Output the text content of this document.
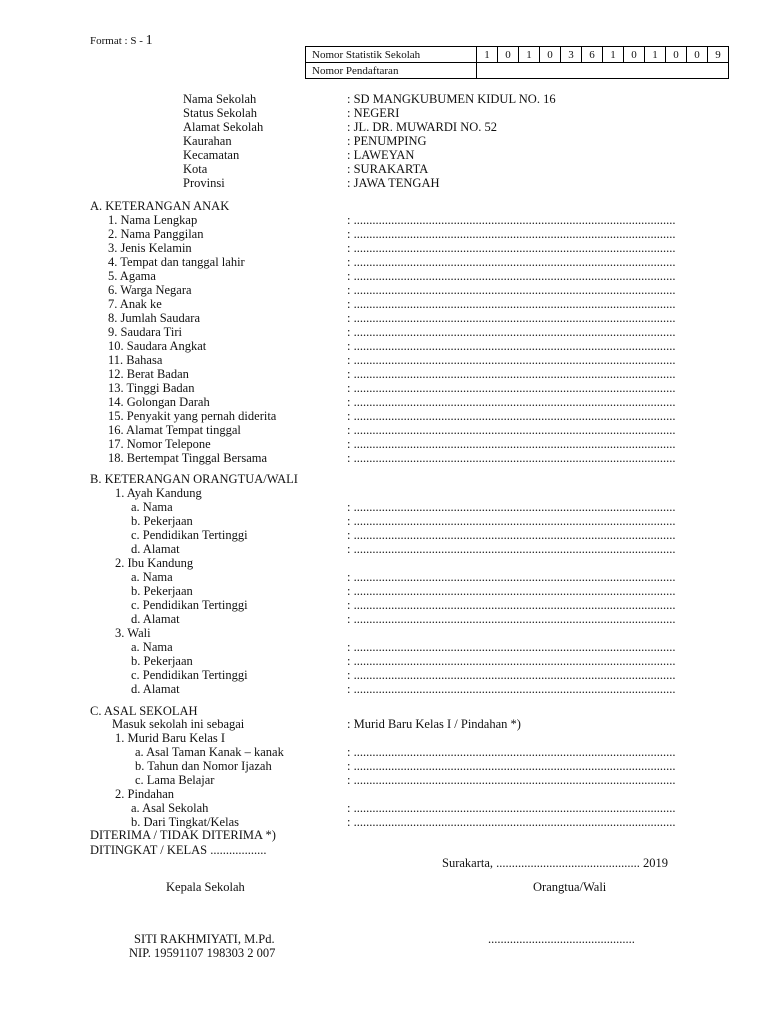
Format : S - 1
Nomor Statistik Sekolah	1	0	1	0	3	6	1	0	1	0	0	9
Nomor Pendaftaran												
Nama Sekolah	: SD MANGKUBUMEN KIDUL NO. 16
Status Sekolah	: NEGERI
Alamat Sekolah	: JL. DR. MUWARDI NO. 52
Kaurahan	: PENUMPING
Kecamatan	: LAWEYAN
Kota	: SURAKARTA
Provinsi	: JAWA TENGAH
A. KETERANGAN ANAK
1. Nama Lengkap	: .......................................................................................................
2. Nama Panggilan	: .......................................................................................................
3. Jenis Kelamin	: .......................................................................................................
4. Tempat dan tanggal lahir	: .......................................................................................................
5. Agama	: .......................................................................................................
6. Warga Negara	: .......................................................................................................
7. Anak ke	: .......................................................................................................
8. Jumlah Saudara	: .......................................................................................................
9. Saudara Tiri	: .......................................................................................................
10. Saudara Angkat	: .......................................................................................................
11. Bahasa	: .......................................................................................................
12. Berat Badan	: .......................................................................................................
13. Tinggi Badan	: .......................................................................................................
14. Golongan Darah	: .......................................................................................................
15. Penyakit yang pernah diderita	: .......................................................................................................
16. Alamat Tempat tinggal	: .......................................................................................................
17. Nomor Telepone	: .......................................................................................................
18. Bertempat Tinggal Bersama	: .......................................................................................................
B. KETERANGAN ORANGTUA/WALI
1. Ayah Kandung
a. Nama	: .......................................................................................................
b. Pekerjaan	: .......................................................................................................
c. Pendidikan Tertinggi	: .......................................................................................................
d. Alamat	: .......................................................................................................
2. Ibu Kandung
a. Nama	: .......................................................................................................
b. Pekerjaan	: .......................................................................................................
c. Pendidikan Tertinggi	: .......................................................................................................
d. Alamat	: .......................................................................................................
3. Wali
a. Nama	: .......................................................................................................
b. Pekerjaan	: .......................................................................................................
c. Pendidikan Tertinggi	: .......................................................................................................
d. Alamat	: .......................................................................................................
C. ASAL SEKOLAH
Masuk sekolah ini sebagai	: Murid Baru Kelas I / Pindahan *)
1. Murid Baru Kelas I
a. Asal Taman Kanak – kanak	: .......................................................................................................
b. Tahun dan Nomor Ijazah	: .......................................................................................................
c. Lama Belajar	: .......................................................................................................
2. Pindahan
a. Asal Sekolah	: .......................................................................................................
b. Dari Tingkat/Kelas	: .......................................................................................................
DITERIMA / TIDAK DITERIMA *)
DITINGKAT / KELAS ..................
Surakarta, .............................................. 2019
Kepala Sekolah	Orangtua/Wali
SITI RAKHMIYATI, M.Pd.	...............................................
NIP. 19591107 198303 2 007
